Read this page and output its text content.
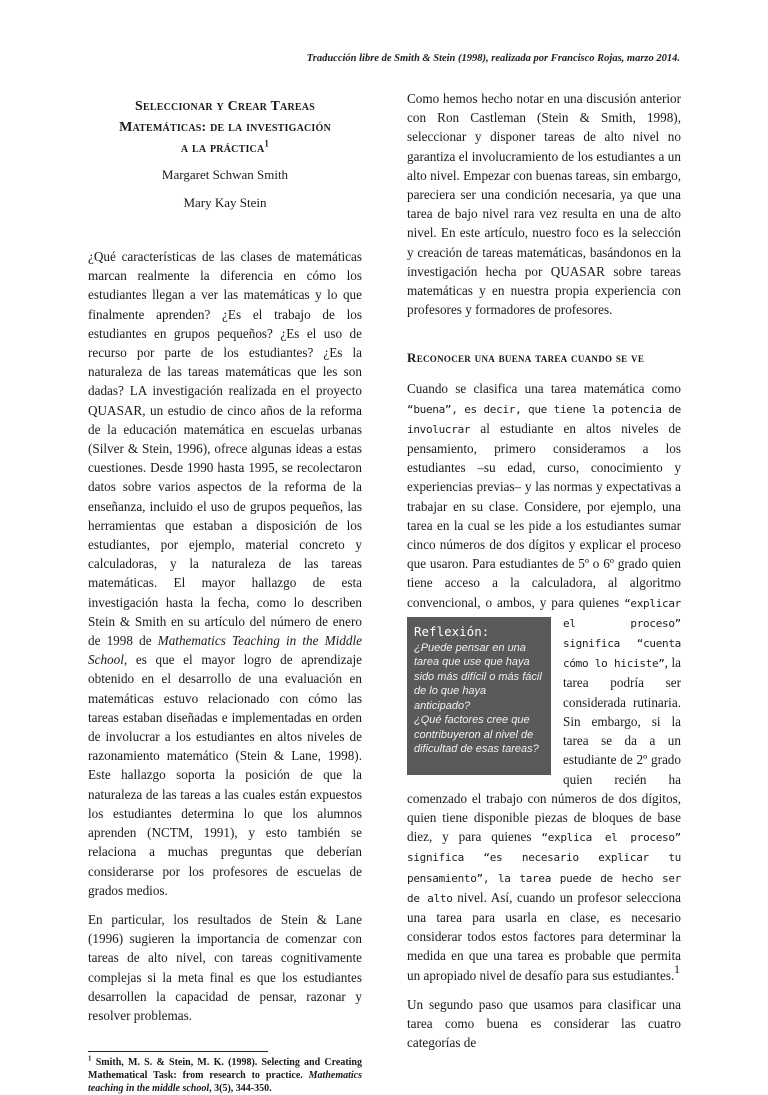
Traducción libre de Smith & Stein (1998), realizada por Francisco Rojas, marzo 2014.
Seleccionar y Crear Tareas
Matemáticas: de la investigación
a la práctica$^1$
Margaret Schwan Smith
Mary Kay Stein

¿Qué características de las clases de matemáticas marcan realmente la diferencia en cómo los estudiantes llegan a ver las matemáticas y lo que finalmente aprenden? ¿Es el trabajo de los estudiantes en grupos pequeños? ¿Es el uso de recurso por parte de los estudiantes? ¿Es la naturaleza de las tareas matemáticas que les son dadas? LA investigación realizada en el proyecto QUASAR, un estudio de cinco años de la reforma de la educación matemática en escuelas urbanas (Silver & Stein, 1996), ofrece algunas ideas a estas cuestiones. Desde 1990 hasta 1995, se recolectaron datos sobre varios aspectos de la reforma de la enseñanza, incluido el uso de grupos pequeños, las herramientas que estaban a disposición de los estudiantes, por ejemplo, material concreto y calculadoras, y la naturaleza de las tareas matemáticas. El mayor hallazgo de esta investigación hasta la fecha, como lo describen Stein & Smith en su artículo del número de enero de 1998 de Mathematics Teaching in the Middle School, es que el mayor logro de aprendizaje obtenido en el desarrollo de una evaluación en matemáticas estuvo relacionado con cómo las tareas estaban diseñadas e implementadas en orden de involucrar a los estudiantes en altos niveles de razonamiento matemático (Stein & Lane, 1998). Este hallazgo soporta la posición de que la naturaleza de las tareas a las cuales están expuestos los estudiantes determina lo que los alumnos aprenden (NCTM, 1991), y esto también se relaciona a muchas preguntas que deberían considerarse por los profesores de escuelas de grados medios.

En particular, los resultados de Stein & Lane (1996) sugieren la importancia de comenzar con tareas de alto nivel, con tareas cognitivamente complejas si la meta final es que los estudiantes desarrollen la capacidad de pensar, razonar y resolver problemas.

$^1$ Smith, M. S. & Stein, M. K. (1998). Selecting and Creating Mathematical Task: from research to practice. Mathematics teaching in the middle school, 3(5), 344-350.

Como hemos hecho notar en una discusión anterior con Ron Castleman (Stein & Smith, 1998), seleccionar y disponer tareas de alto nivel no garantiza el involucramiento de los estudiantes a un alto nivel. Empezar con buenas tareas, sin embargo, pareciera ser una condición necesaria, ya que una tarea de bajo nivel rara vez resulta en una de alto nivel. En este artículo, nuestro foco es la selección y creación de tareas matemáticas, basándonos en la investigación hecha por QUASAR sobre tareas matemáticas y en nuestra propia experiencia con profesores y formadores de profesores.

Reconocer una buena tarea cuando se ve

Cuando se clasifica una tarea matemática como “buena”, es decir, que tiene la potencia de involucrar al estudiante en altos niveles de pensamiento, primero consideramos a los estudiantes –su edad, curso, conocimiento y experiencias previas– y las normas y expectativas a trabajar en su clase. Considere, por ejemplo, una tarea en la cual se les pide a los estudiantes sumar cinco números de dos dígitos y explicar el proceso que usaron. Para estudiantes de 5º o 6º grado quien tiene acceso a la calculadora, al algoritmo convencional, o ambos, y para quienes
Reflexión:
¿Puede pensar en una tarea que use que haya sido más difícil o más fácil de lo que haya anticipado?
¿Qué factores cree que contribuyeron al nivel de dificultad de esas tareas?
“explicar el proceso” significa “cuenta cómo lo hiciste”, la tarea podría ser considerada rutinaria. Sin embargo, si la tarea se da a un estudiante de 2º grado quien recién ha comenzado el trabajo con números de dos dígitos, quien tiene disponible piezas de bloques de base diez, y para quienes “explica el proceso” significa “es necesario explicar tu pensamiento”, la tarea puede de hecho ser de alto nivel. Así, cuando un profesor selecciona una tarea para usarla en clase, es necesario considerar todos estos factores para determinar la medida en que una tarea es probable que permita un apropiado nivel de desafío para sus estudiantes.

Un segundo paso que usamos para clasificar una tarea como buena es considerar las cuatro categorías de

1
